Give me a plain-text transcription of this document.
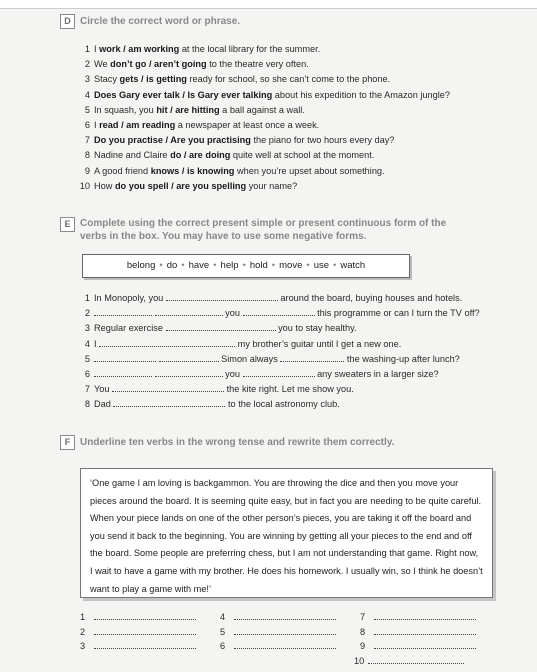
D Circle the correct word or phrase.
1 I work / am working at the local library for the summer.
2 We don’t go / aren’t going to the theatre very often.
3 Stacy gets / is getting ready for school, so she can’t come to the phone.
4 Does Gary ever talk / Is Gary ever talking about his expedition to the Amazon jungle?
5 In squash, you hit / are hitting a ball against a wall.
6 I read / am reading a newspaper at least once a week.
7 Do you practise / Are you practising the piano for two hours every day?
8 Nadine and Claire do / are doing quite well at school at the moment.
9 A good friend knows / is knowing when you’re upset about something.
10 How do you spell / are you spelling your name?
E Complete using the correct present simple or present continuous form of the
verbs in the box. You may have to use some negative forms.
belong • do • have • help • hold • move • use • watch
1 In Monopoly, you	around the board, buying houses and hotels.
2	you	this programme or can I turn the TV off?
3 Regular exercise	you to stay healthy.
4 I	my brother’s guitar until I get a new one.
5	Simon always	the washing-up after lunch?
6	you	any sweaters in a larger size?
7 You	the kite right. Let me show you.
8 Dad	to the local astronomy club.
F Underline ten verbs in the wrong tense and rewrite them correctly.

‘One game I am loving is backgammon. You are throwing the dice and then you move your pieces around the board. It is seeming quite easy, but in fact you are needing to be quite careful. When your piece lands on one of the other person’s pieces, you are taking it off the board and you send it back to the beginning. You are winning by getting all your pieces to the end and off the board. Some people are preferring chess, but I am not understanding that game. Right now, I wait to have a game with my brother. He does his homework. I usually win, so I think he doesn’t want to play a game with me!’

1
2
3
4
5
6
7
8
9
10
